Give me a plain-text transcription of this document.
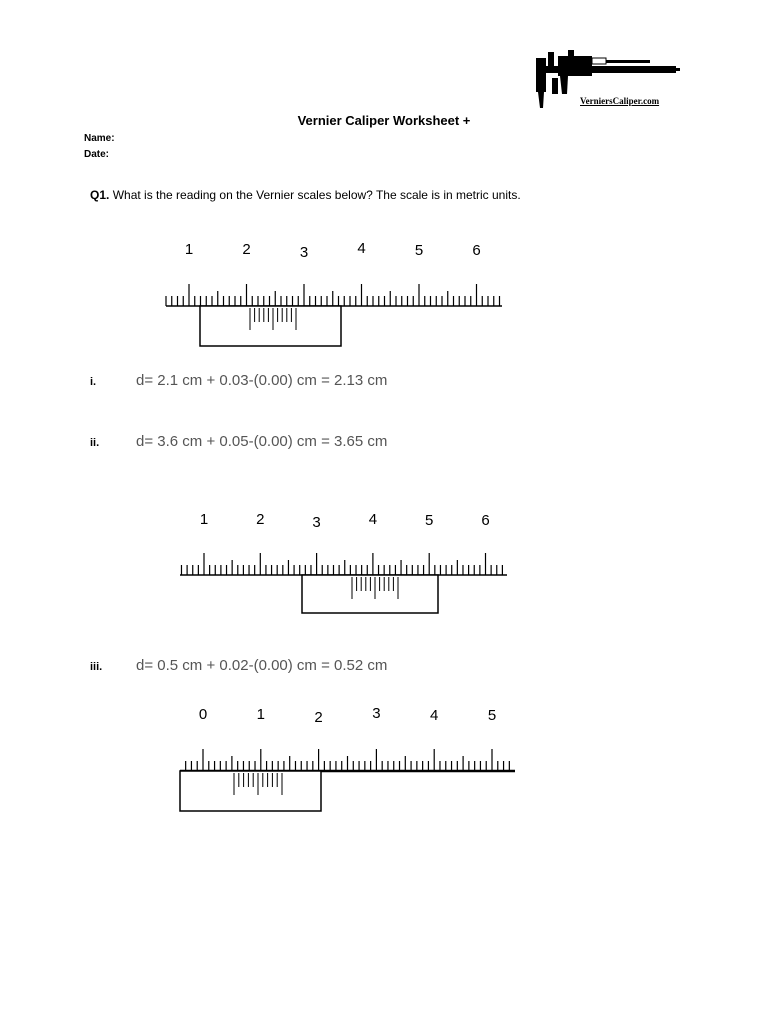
VerniersCaliper.com
Vernier Caliper Worksheet +
Name:
Date:
Q1. What is the reading on the Vernier scales below? The scale is in metric units.
1	2	3	4	5	6
1	2	3	4	5	6
0	1	2	3	4	5
i.	d= 2.1 cm + 0.03-(0.00) cm = 2.13 cm
ii. d= 3.6 cm + 0.05-(0.00) cm = 3.65 cm
iii. d= 0.5 cm + 0.02-(0.00) cm = 0.52 cm
